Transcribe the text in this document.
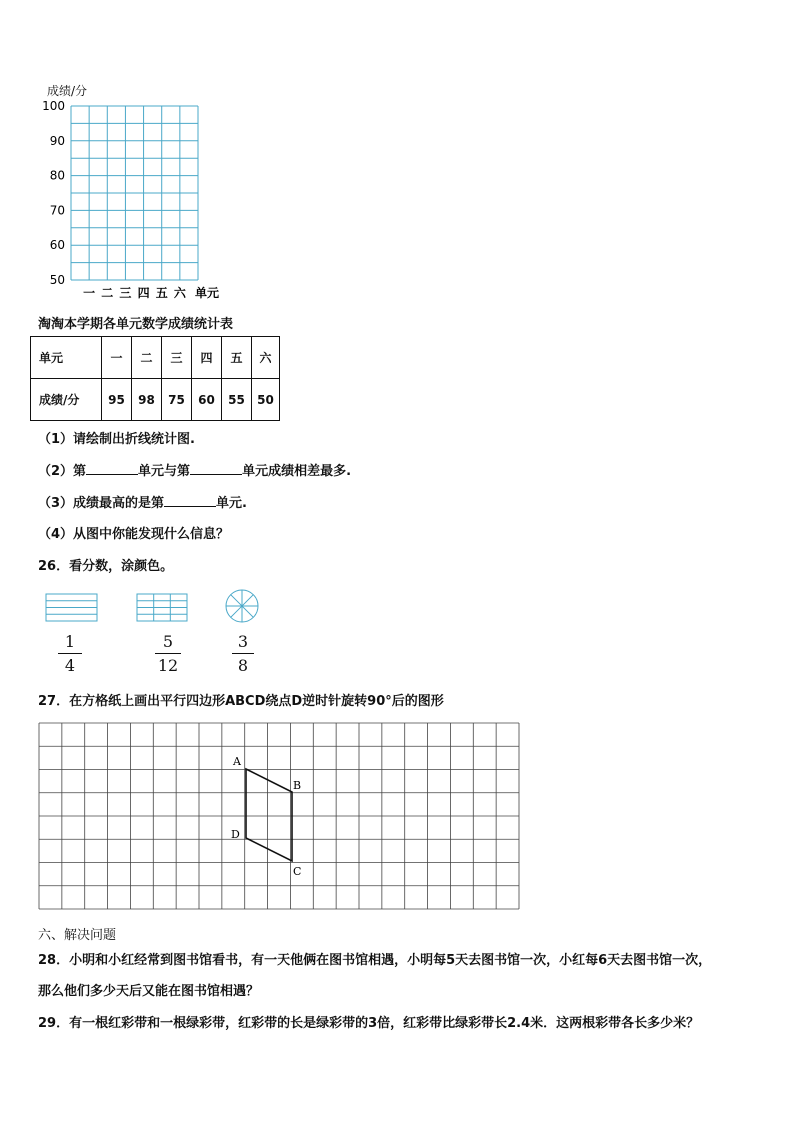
成绩/分
100
90
80
70
60
50
一 二 三 四 五 六 单元
淘淘本学期各单元数学成绩统计表
单元	一	二	三	四	五	六
成绩/分	95	98	75	60	55	50
（1）请绘制出折线统计图.
（2）第	单元与第	单元成绩相差最多.
（3）成绩最高的是第	单元.
（4）从图中你能发现什么信息？
26．看分数，涂颜色。
1
4
5
12
3
8
27．在方格纸上画出平行四边形ABCD绕点D逆时针旋转90°后的图形
A
B
C
D
六、解决问题
28．小明和小红经常到图书馆看书，有一天他俩在图书馆相遇，小明每5天去图书馆一次，小红每6天去图书馆一次，
那么他们多少天后又能在图书馆相遇？
29．有一根红彩带和一根绿彩带，红彩带的长是绿彩带的3倍，红彩带比绿彩带长2.4米．这两根彩带各长多少米？
